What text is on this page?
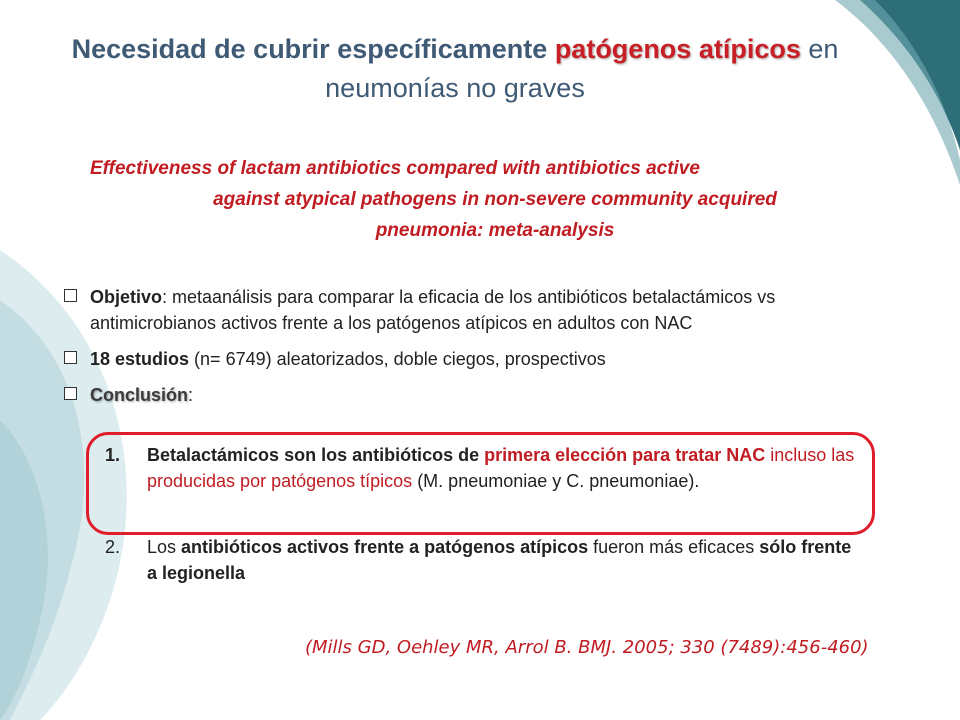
Necesidad de cubrir específicamente patógenos atípicos en neumonías no graves
Effectiveness of lactam antibiotics compared with antibiotics active
against atypical pathogens in non-severe community acquired
pneumonia: meta-analysis
Objetivo: metaanálisis para comparar la eficacia de los antibióticos betalactámicos vs antimicrobianos activos frente a los patógenos atípicos en adultos con NAC
18 estudios (n= 6749) aleatorizados, doble ciegos, prospectivos
Conclusión:
1.	Betalactámicos son los antibióticos de primera elección para tratar NAC incluso las producidas por patógenos típicos (M. pneumoniae y C. pneumoniae).
2.	Los antibióticos activos frente a patógenos atípicos fueron más eficaces sólo frente a legionella
(Mills GD, Oehley MR, Arrol B. BMJ. 2005; 330 (7489):456-460)
